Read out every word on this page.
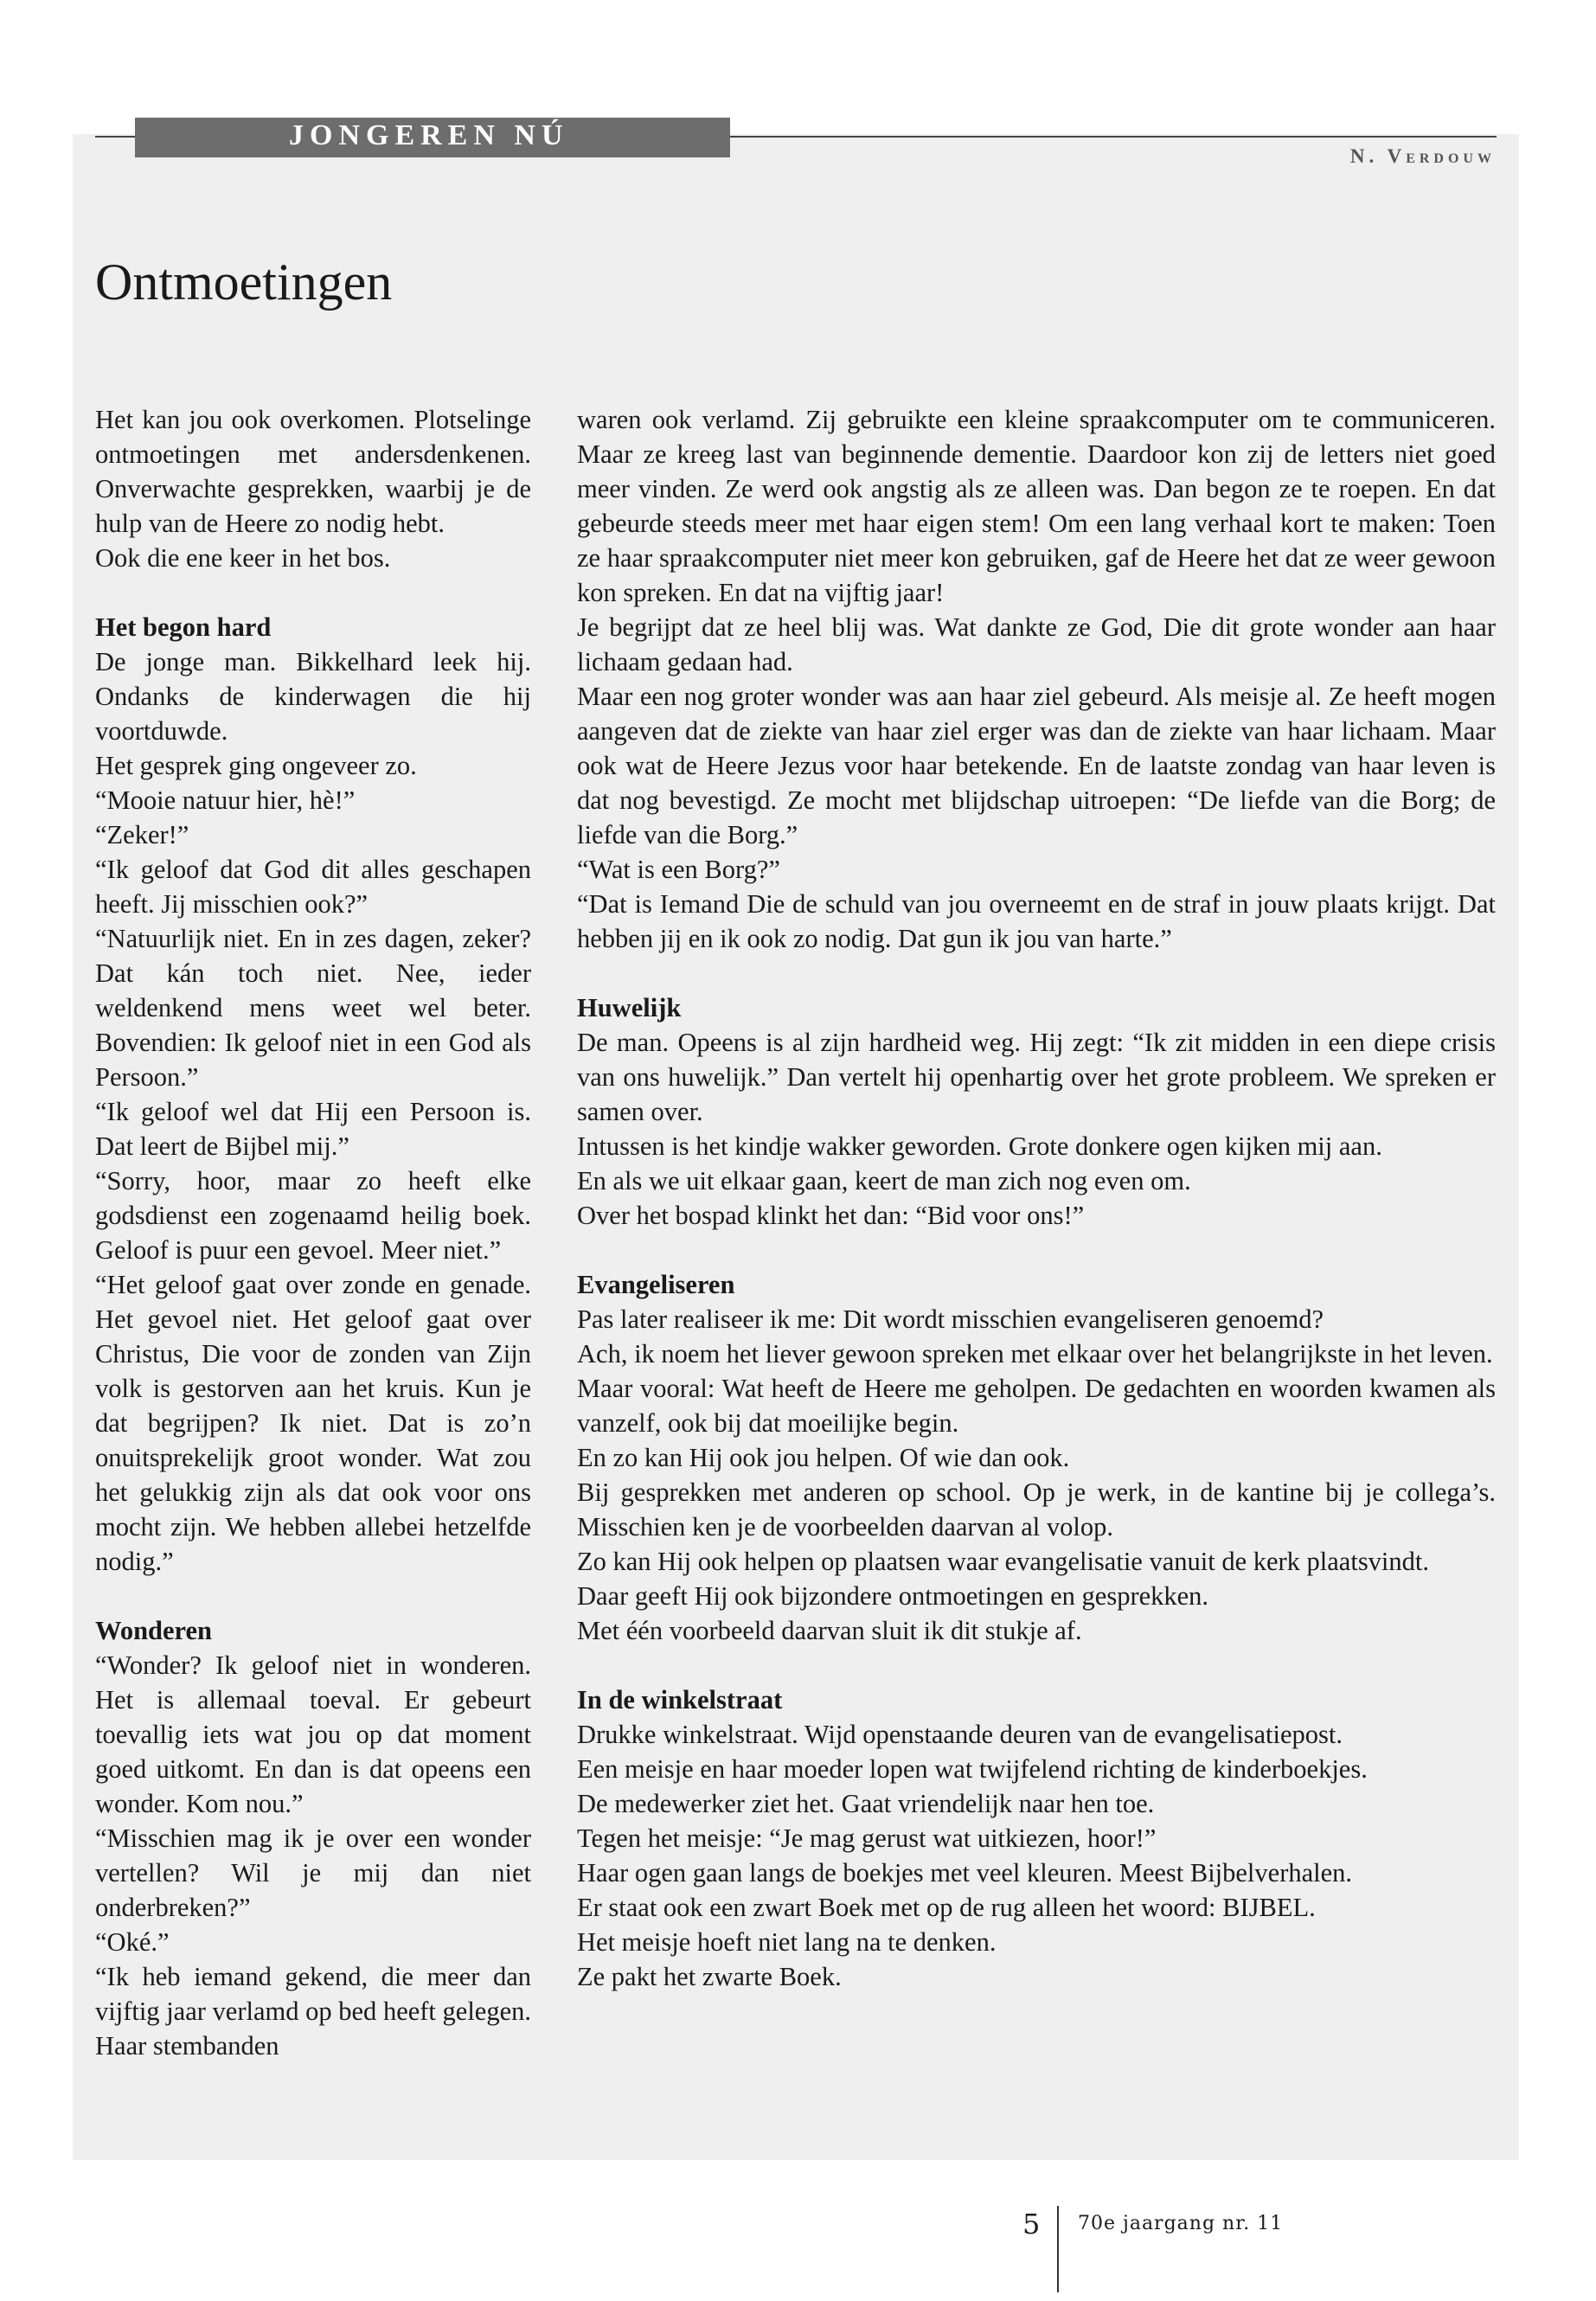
JONGEREN NÚ
N. Verdouw
Ontmoetingen

Het kan jou ook overkomen. Plotselinge ontmoetingen met andersdenkenen. Onverwachte gesprekken, waarbij je de hulp van de Heere zo nodig hebt.

Ook die ene keer in het bos.

Het begon hard

De jonge man. Bikkelhard leek hij. Ondanks de kinderwagen die hij voortduwde.

Het gesprek ging ongeveer zo.

“Mooie natuur hier, hè!”

“Zeker!”

“Ik geloof dat God dit alles geschapen heeft. Jij misschien ook?”

“Natuurlijk niet. En in zes dagen, zeker? Dat kán toch niet. Nee, ieder weldenkend mens weet wel beter. Bovendien: Ik geloof niet in een God als Persoon.”

“Ik geloof wel dat Hij een Persoon is. Dat leert de Bijbel mij.”

“Sorry, hoor, maar zo heeft elke godsdienst een zogenaamd heilig boek. Geloof is puur een gevoel. Meer niet.”

“Het geloof gaat over zonde en genade. Het gevoel niet. Het geloof gaat over Christus, Die voor de zonden van Zijn volk is gestorven aan het kruis. Kun je dat begrijpen? Ik niet. Dat is zo’n onuitsprekelijk groot wonder. Wat zou het gelukkig zijn als dat ook voor ons mocht zijn. We hebben allebei hetzelfde nodig.”

Wonderen

“Wonder? Ik geloof niet in wonderen. Het is allemaal toeval. Er gebeurt toevallig iets wat jou op dat moment goed uitkomt. En dan is dat opeens een wonder. Kom nou.”

“Misschien mag ik je over een wonder vertellen? Wil je mij dan niet onderbreken?”

“Oké.”

“Ik heb iemand gekend, die meer dan vijftig jaar verlamd op bed heeft gelegen. Haar stembanden

waren ook verlamd. Zij gebruikte een kleine spraakcomputer om te communiceren. Maar ze kreeg last van beginnende dementie. Daardoor kon zij de letters niet goed meer vinden. Ze werd ook angstig als ze alleen was. Dan begon ze te roepen. En dat gebeurde steeds meer met haar eigen stem! Om een lang verhaal kort te maken: Toen ze haar spraakcomputer niet meer kon gebruiken, gaf de Heere het dat ze weer gewoon kon spreken. En dat na vijftig jaar!

Je begrijpt dat ze heel blij was. Wat dankte ze God, Die dit grote wonder aan haar lichaam gedaan had.

Maar een nog groter wonder was aan haar ziel gebeurd. Als meisje al. Ze heeft mogen aangeven dat de ziekte van haar ziel erger was dan de ziekte van haar lichaam. Maar ook wat de Heere Jezus voor haar betekende. En de laatste zondag van haar leven is dat nog bevestigd. Ze mocht met blijdschap uitroepen: “De liefde van die Borg; de liefde van die Borg.”

“Wat is een Borg?”

“Dat is Iemand Die de schuld van jou overneemt en de straf in jouw plaats krijgt. Dat hebben jij en ik ook zo nodig. Dat gun ik jou van harte.”

Huwelijk

De man. Opeens is al zijn hardheid weg. Hij zegt: “Ik zit midden in een diepe crisis van ons huwelijk.” Dan vertelt hij openhartig over het grote probleem. We spreken er samen over.

Intussen is het kindje wakker geworden. Grote donkere ogen kijken mij aan.

En als we uit elkaar gaan, keert de man zich nog even om.

Over het bospad klinkt het dan: “Bid voor ons!”

Evangeliseren

Pas later realiseer ik me: Dit wordt misschien evangeliseren genoemd?

Ach, ik noem het liever gewoon spreken met elkaar over het belangrijkste in het leven.

Maar vooral: Wat heeft de Heere me geholpen. De gedachten en woorden kwamen als vanzelf, ook bij dat moeilijke begin.

En zo kan Hij ook jou helpen. Of wie dan ook.

Bij gesprekken met anderen op school. Op je werk, in de kantine bij je collega’s. Misschien ken je de voorbeelden daarvan al volop.

Zo kan Hij ook helpen op plaatsen waar evangelisatie vanuit de kerk plaatsvindt.

Daar geeft Hij ook bijzondere ontmoetingen en gesprekken.

Met één voorbeeld daarvan sluit ik dit stukje af.

In de winkelstraat

Drukke winkelstraat. Wijd openstaande deuren van de evangelisatiepost.

Een meisje en haar moeder lopen wat twijfelend richting de kinderboekjes.

De medewerker ziet het. Gaat vriendelijk naar hen toe.

Tegen het meisje: “Je mag gerust wat uitkiezen, hoor!”

Haar ogen gaan langs de boekjes met veel kleuren. Meest Bijbelverhalen.

Er staat ook een zwart Boek met op de rug alleen het woord: BIJBEL.

Het meisje hoeft niet lang na te denken.

Ze pakt het zwarte Boek.

5 70e jaargang nr. 11
